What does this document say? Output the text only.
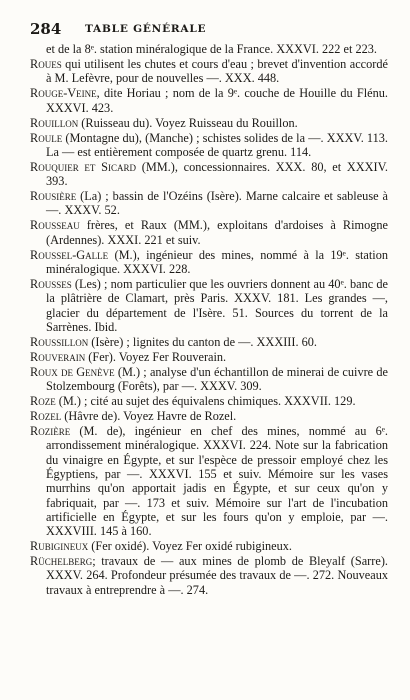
284 TABLE GÉNÉRALE

et de la 8ᵉ. station minéralogique de la France. XXXVI. 222 et 223.

Roues qui utilisent les chutes et cours d'eau ; brevet d'invention accordé à M. Lefèvre, pour de nouvelles —. XXX. 448.

Rouge-Veine, dite Horiau ; nom de la 9ᵉ. couche de Houille du Flénu. XXXVI. 423.

Rouillon (Ruisseau du). Voyez Ruisseau du Rouillon.

Roule (Montagne du), (Manche) ; schistes solides de la —. XXXV. 113. La — est entièrement composée de quartz grenu. 114.

Rouquier et Sicard (MM.), concessionnaires. XXX. 80, et XXXIV. 393.

Rousière (La) ; bassin de l'Ozéins (Isère). Marne calcaire et sableuse à —. XXXV. 52.

Rousseau frères, et Raux (MM.), exploitans d'ardoises à Rimogne (Ardennes). XXXI. 221 et suiv.

Roussel-Galle (M.), ingénieur des mines, nommé à la 19ᵉ. station minéralogique. XXXVI. 228.

Rousses (Les) ; nom particulier que les ouvriers donnent au 40ᵉ. banc de la plâtrière de Clamart, près Paris. XXXV. 181. Les grandes —, glacier du département de l'Isère. 51. Sources du torrent de la Sarrènes. Ibid.

Roussillon (Isère) ; lignites du canton de —. XXXIII. 60.

Rouverain (Fer). Voyez Fer Rouverain.

Roux de Genève (M.) ; analyse d'un échantillon de minerai de cuivre de Stolzembourg (Forêts), par —. XXXV. 309.

Roze (M.) ; cité au sujet des équivalens chimiques. XXXVII. 129.

Rozel (Hâvre de). Voyez Havre de Rozel.

Rozière (M. de), ingénieur en chef des mines, nommé au 6ᵉ. arrondissement minéralogique. XXXVI. 224. Note sur la fabrication du vinaigre en Égypte, et sur l'espèce de pressoir employé chez les Égyptiens, par —. XXXVI. 155 et suiv. Mémoire sur les vases murrhins qu'on apportait jadis en Égypte, et sur ceux qu'on y fabriquait, par —. 173 et suiv. Mémoire sur l'art de l'incubation artificielle en Égypte, et sur les fours qu'on y emploie, par —. XXXVIII. 145 à 160.

Rubigineux (Fer oxidé). Voyez Fer oxidé rubigineux.

Rüchelberg; travaux de — aux mines de plomb de Bleyalf (Sarre). XXXV. 264. Profondeur présumée des travaux de —. 272. Nouveaux travaux à entreprendre à —. 274.
